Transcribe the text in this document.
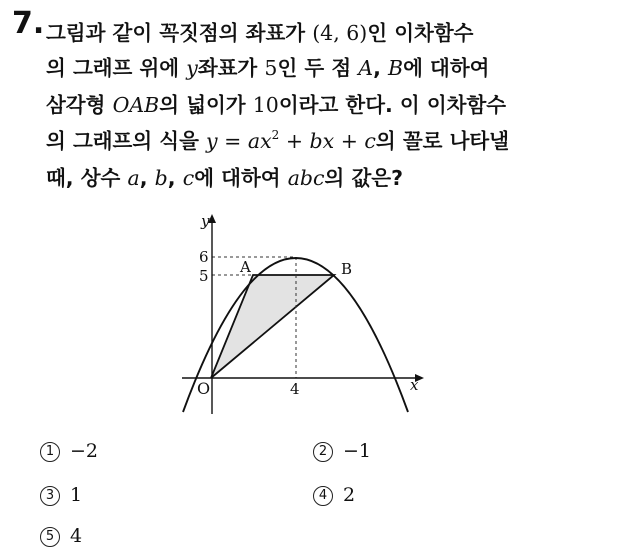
7. 그림과 같이 꼭짓점의 좌표가 (4, 6)인 이차함수
의 그래프 위에 y좌표가 5인 두 점 A, B에 대하여
삼각형 OAB의 넓이가 10이라고 한다. 이 이차함수
의 그래프의 식을 $y = ax^2$ + bx + c의 꼴로 나타낼
때, 상수 a, b, c에 대하여 abc의 값은?
y
x
O
6
5
4
A	B
1 −2	2 −1
3 1	4 2
5 4
